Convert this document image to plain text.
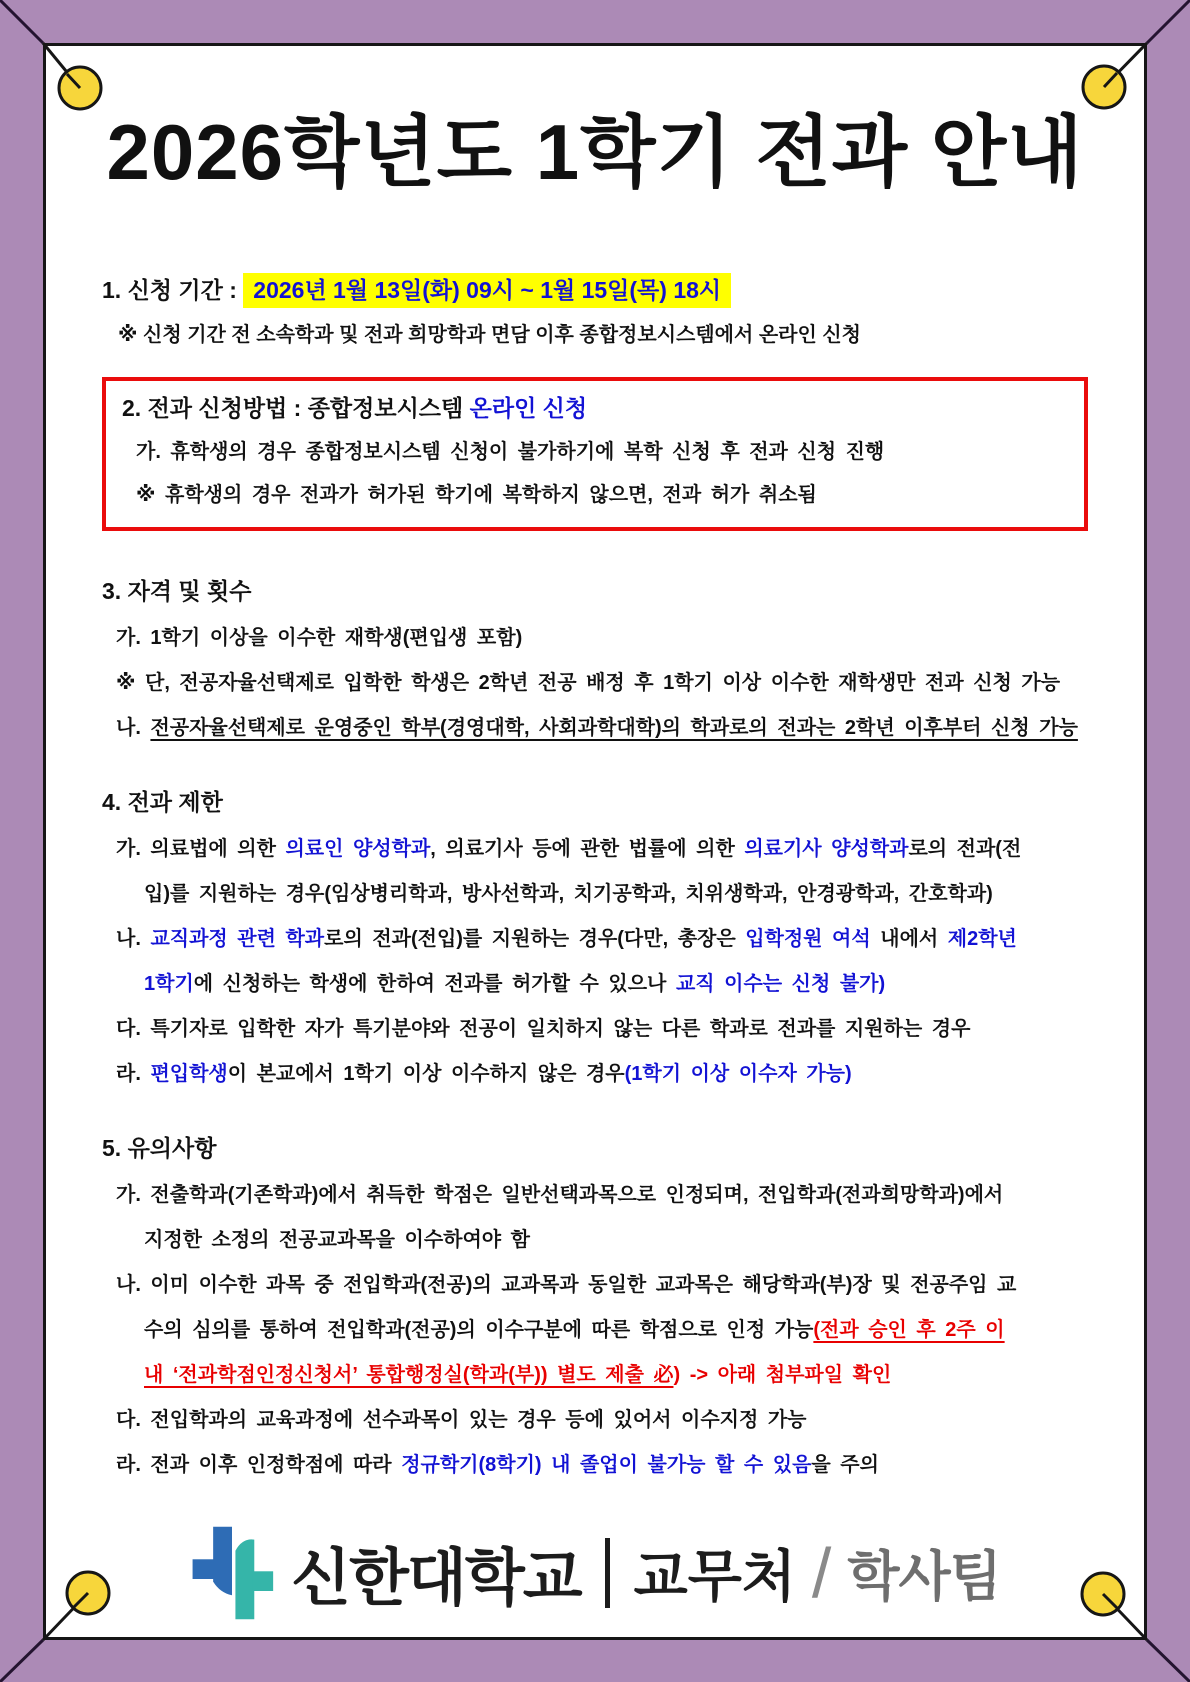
2026학년도 1학기 전과 안내
1. 신청 기간 : 2026년 1월 13일(화) 09시 ~ 1월 15일(목) 18시
※ 신청 기간 전 소속학과 및 전과 희망학과 면담 이후 종합정보시스템에서 온라인 신청
2. 전과 신청방법 : 종합정보시스템 온라인 신청
가. 휴학생의 경우 종합정보시스템 신청이 불가하기에 복학 신청 후 전과 신청 진행
※ 휴학생의 경우 전과가 허가된 학기에 복학하지 않으면, 전과 허가 취소됨
3. 자격 및 횟수
가. 1학기 이상을 이수한 재학생(편입생 포함)
※ 단, 전공자율선택제로 입학한 학생은 2학년 전공 배정 후 1학기 이상 이수한 재학생만 전과 신청 가능
나. 전공자율선택제로 운영중인 학부(경영대학, 사회과학대학)의 학과로의 전과는 2학년 이후부터 신청 가능
4. 전과 제한
가. 의료법에 의한 의료인 양성학과, 의료기사 등에 관한 법률에 의한 의료기사 양성학과로의 전과(전
입)를 지원하는 경우(임상병리학과, 방사선학과, 치기공학과, 치위생학과, 안경광학과, 간호학과)
나. 교직과정 관련 학과로의 전과(전입)를 지원하는 경우(다만, 총장은 입학정원 여석 내에서 제2학년
1학기에 신청하는 학생에 한하여 전과를 허가할 수 있으나 교직 이수는 신청 불가)
다. 특기자로 입학한 자가 특기분야와 전공이 일치하지 않는 다른 학과로 전과를 지원하는 경우
라. 편입학생이 본교에서 1학기 이상 이수하지 않은 경우(1학기 이상 이수자 가능)
5. 유의사항
가. 전출학과(기존학과)에서 취득한 학점은 일반선택과목으로 인정되며, 전입학과(전과희망학과)에서
지정한 소정의 전공교과목을 이수하여야 함
나. 이미 이수한 과목 중 전입학과(전공)의 교과목과 동일한 교과목은 해당학과(부)장 및 전공주임 교
수의 심의를 통하여 전입학과(전공)의 이수구분에 따른 학점으로 인정 가능(전과 승인 후 2주 이
내 ‘전과학점인정신청서’ 통합행정실(학과(부)) 별도 제출 必) -> 아래 첨부파일 확인
다. 전입학과의 교육과정에 선수과목이 있는 경우 등에 있어서 이수지정 가능
라. 전과 이후 인정학점에 따라 정규학기(8학기) 내 졸업이 불가능 할 수 있음을 주의
신한대학교 교무처 / 학사팀
